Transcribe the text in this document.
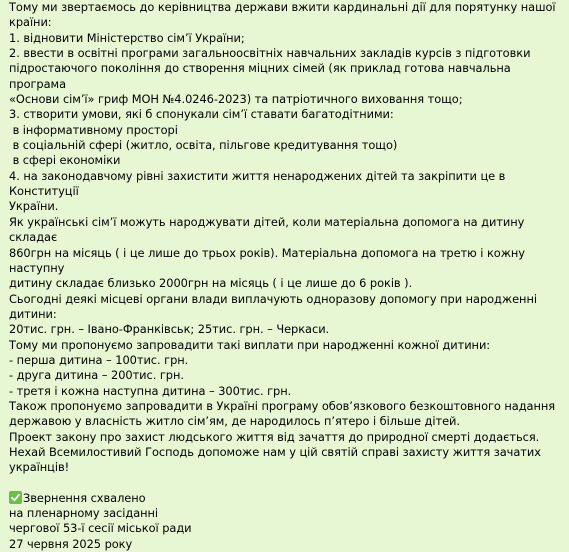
Тому ми звертаємось до керівництва держави вжити кардинальні дії для порятунку нашої
країни:
1. відновити Міністерство сім’ї України;
2. ввести в освітні програми загальноосвітніх навчальних закладів курсів з підготовки
підростаючого покоління до створення міцних сімей (як приклад готова навчальна програма
«Основи сім’ї» гриф МОН №4.0246-2023) та патріотичного виховання тощо;
3. створити умови, які б спонукали сім’ї ставати багатодітними:
в інформативному просторі
в соціальній сфері (житло, освіта, пільгове кредитування тощо)
в сфері економіки
4. на законодавчому рівні захистити життя ненароджених дітей та закріпити це в Конституції
України.
Як українські сім’ї можуть народжувати дітей, коли матеріальна допомога на дитину складає
860грн на місяць ( і це лише до трьох років). Матеріальна допомога на третю і кожну наступну
дитину складає близько 2000грн на місяць ( і це лише до 6 років ).
Сьогодні деякі місцеві органи влади виплачують одноразову допомогу при народженні дитини:
20тис. грн. – Івано-Франківськ; 25тис. грн. – Черкаси.
Тому ми пропонуємо запровадити такі виплати при народженні кожної дитини:
- перша дитина – 100тис. грн.
- друга дитина – 200тис. грн.
- третя і кожна наступна дитина – 300тис. грн.
Також пропонуємо запровадити в Україні програму обов’язкового безкоштовного надання
державою у власність житло сім’ям, де народилось п’ятеро і більше дітей.
Проект закону про захист людського життя від зачаття до природної смерті додається.
Нехай Всемилостивий Господь допоможе нам у цій святій справі захисту життя зачатих
українців!
Звернення схвалено
на пленарному засіданні
чергової 53-ї сесії міської ради
27 червня 2025 року
